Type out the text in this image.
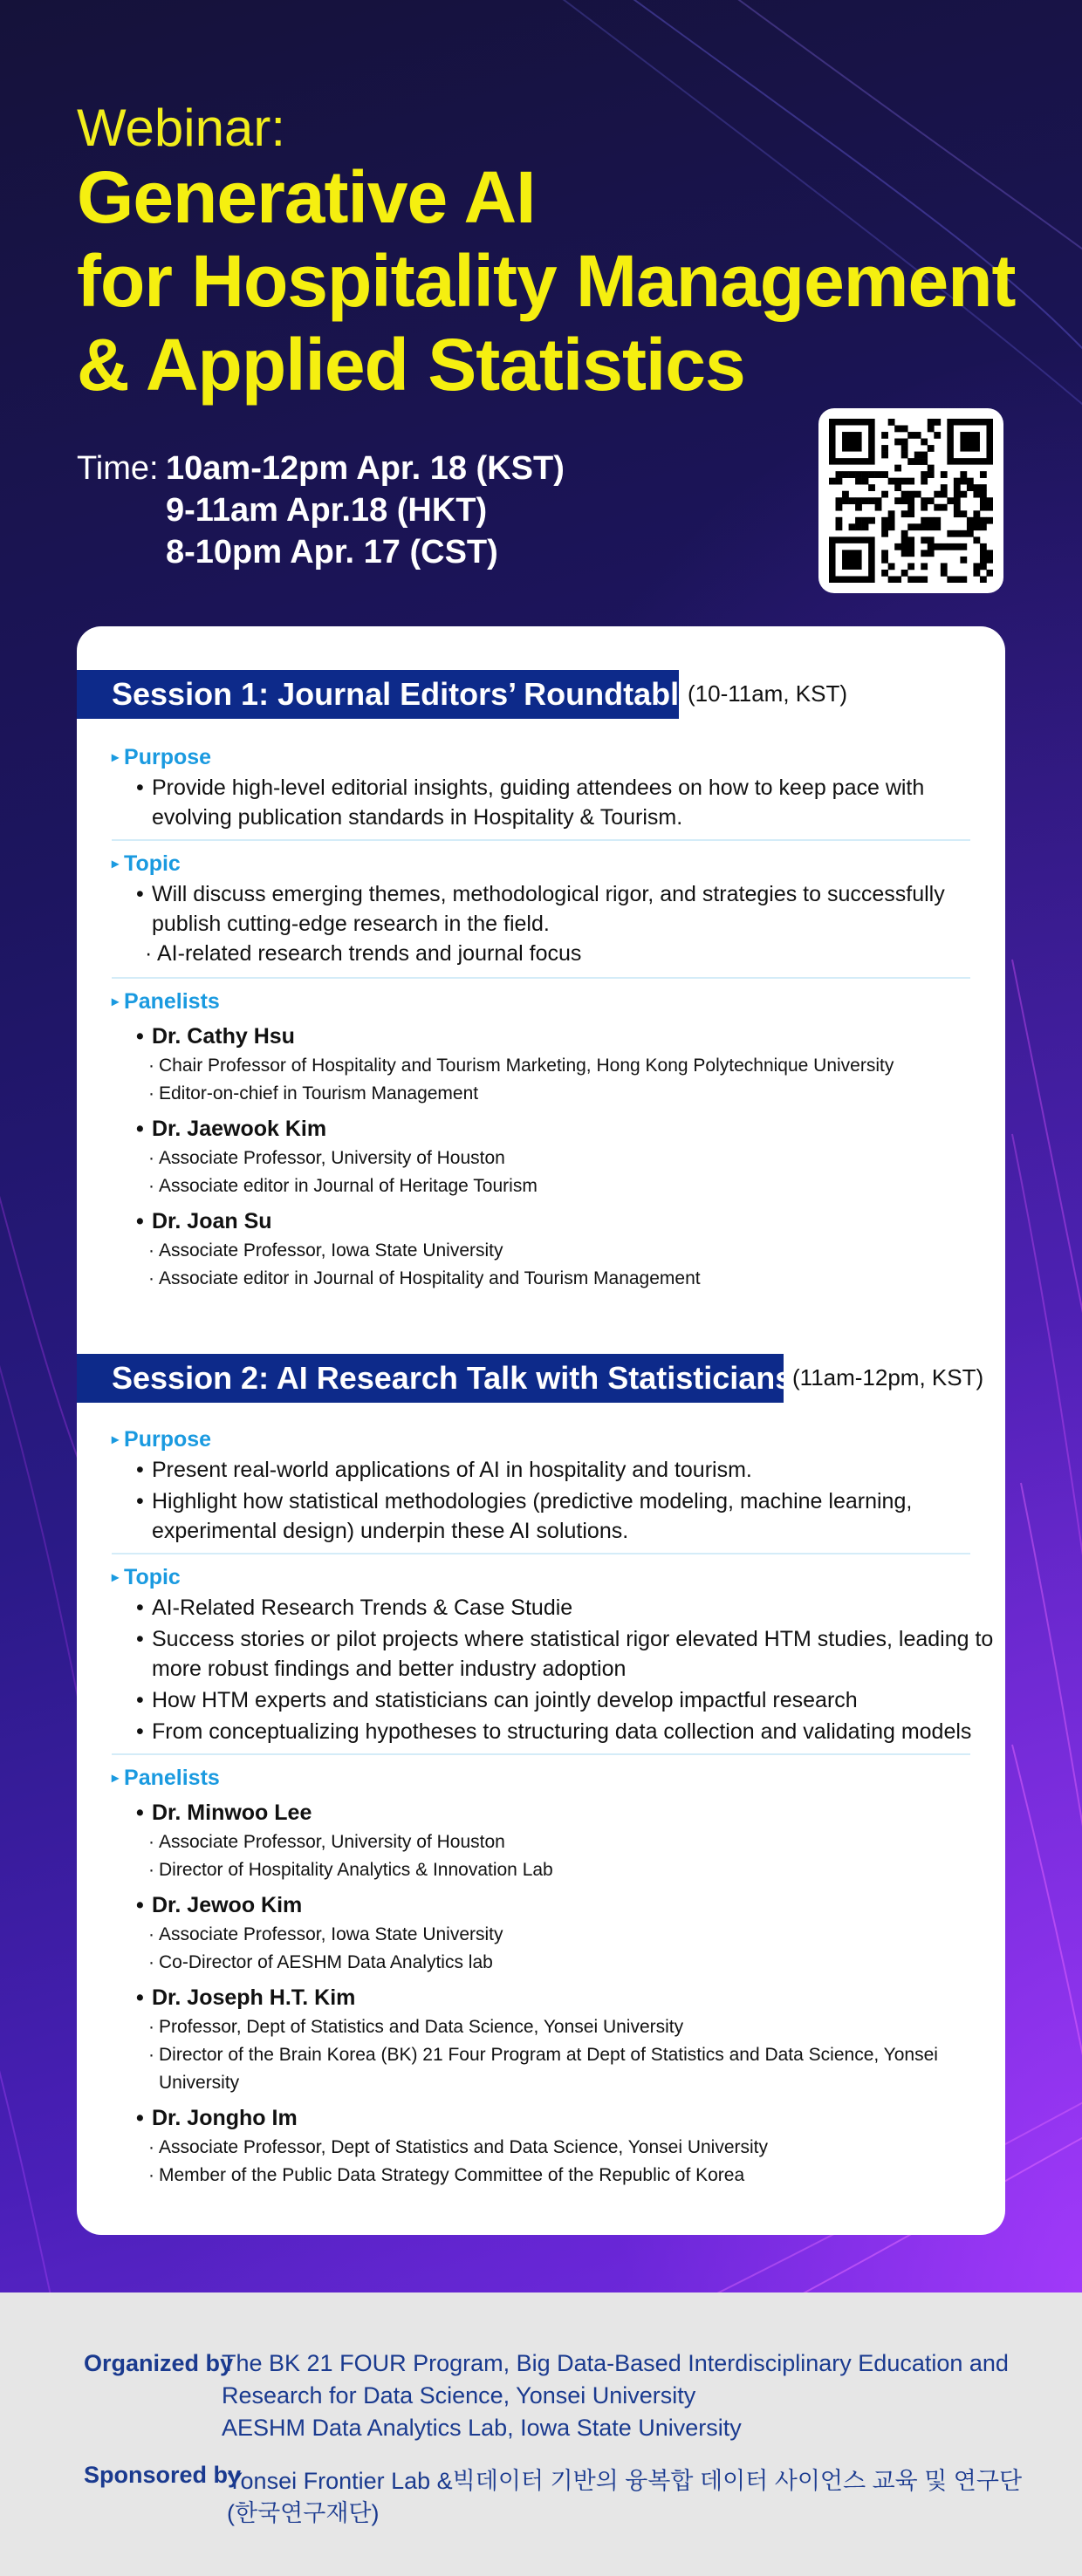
Webinar:
Generative AI
for Hospitality Management
& Applied Statistics
Time: 10am-12pm Apr. 18 (KST)
9-11am Apr.18 (HKT)
8-10pm Apr. 17 (CST)
Session 1: Journal Editors’ Roundtable
(10-11am, KST)
▸ Purpose
• Provide high-level editorial insights, guiding attendees on how to keep pace with
evolving publication standards in Hospitality & Tourism.
▸ Topic
• Will discuss emerging themes, methodological rigor, and strategies to successfully
publish cutting-edge research in the field.
· AI-related research trends and journal focus
▸ Panelists
• Dr. Cathy Hsu
· Chair Professor of Hospitality and Tourism Marketing, Hong Kong Polytechnique University
· Editor-on-chief in Tourism Management
• Dr. Jaewook Kim
· Associate Professor, University of Houston
· Associate editor in Journal of Heritage Tourism
• Dr. Joan Su
· Associate Professor, Iowa State University
· Associate editor in Journal of Hospitality and Tourism Management
Session 2: AI Research Talk with Statisticians (11am-12pm, KST)
▸ Purpose
• Present real-world applications of AI in hospitality and tourism.
• Highlight how statistical methodologies (predictive modeling, machine learning,
experimental design) underpin these AI solutions.
▸ Topic
• AI-Related Research Trends & Case Studie
• Success stories or pilot projects where statistical rigor elevated HTM studies, leading to
more robust findings and better industry adoption
• How HTM experts and statisticians can jointly develop impactful research
• From conceptualizing hypotheses to structuring data collection and validating models
▸ Panelists
• Dr. Minwoo Lee
· Associate Professor, University of Houston
· Director of Hospitality Analytics & Innovation Lab
• Dr. Jewoo Kim
· Associate Professor, Iowa State University
· Co-Director of AESHM Data Analytics lab
• Dr. Joseph H.T. Kim
· Professor, Dept of Statistics and Data Science, Yonsei University
· Director of the Brain Korea (BK) 21 Four Program at Dept of Statistics and Data Science, Yonsei
University
• Dr. Jongho Im
· Associate Professor, Dept of Statistics and Data Science, Yonsei University
· Member of the Public Data Strategy Committee of the Republic of Korea
Organized by
The BK 21 FOUR Program, Big Data-Based Interdisciplinary Education and
Research for Data Science, Yonsei University
AESHM Data Analytics Lab, Iowa State University
Sponsored by
Yonsei Frontier Lab &빅데이터 기반의 융복합 데이터 사이언스 교육 및 연구단
(한국연구재단)
